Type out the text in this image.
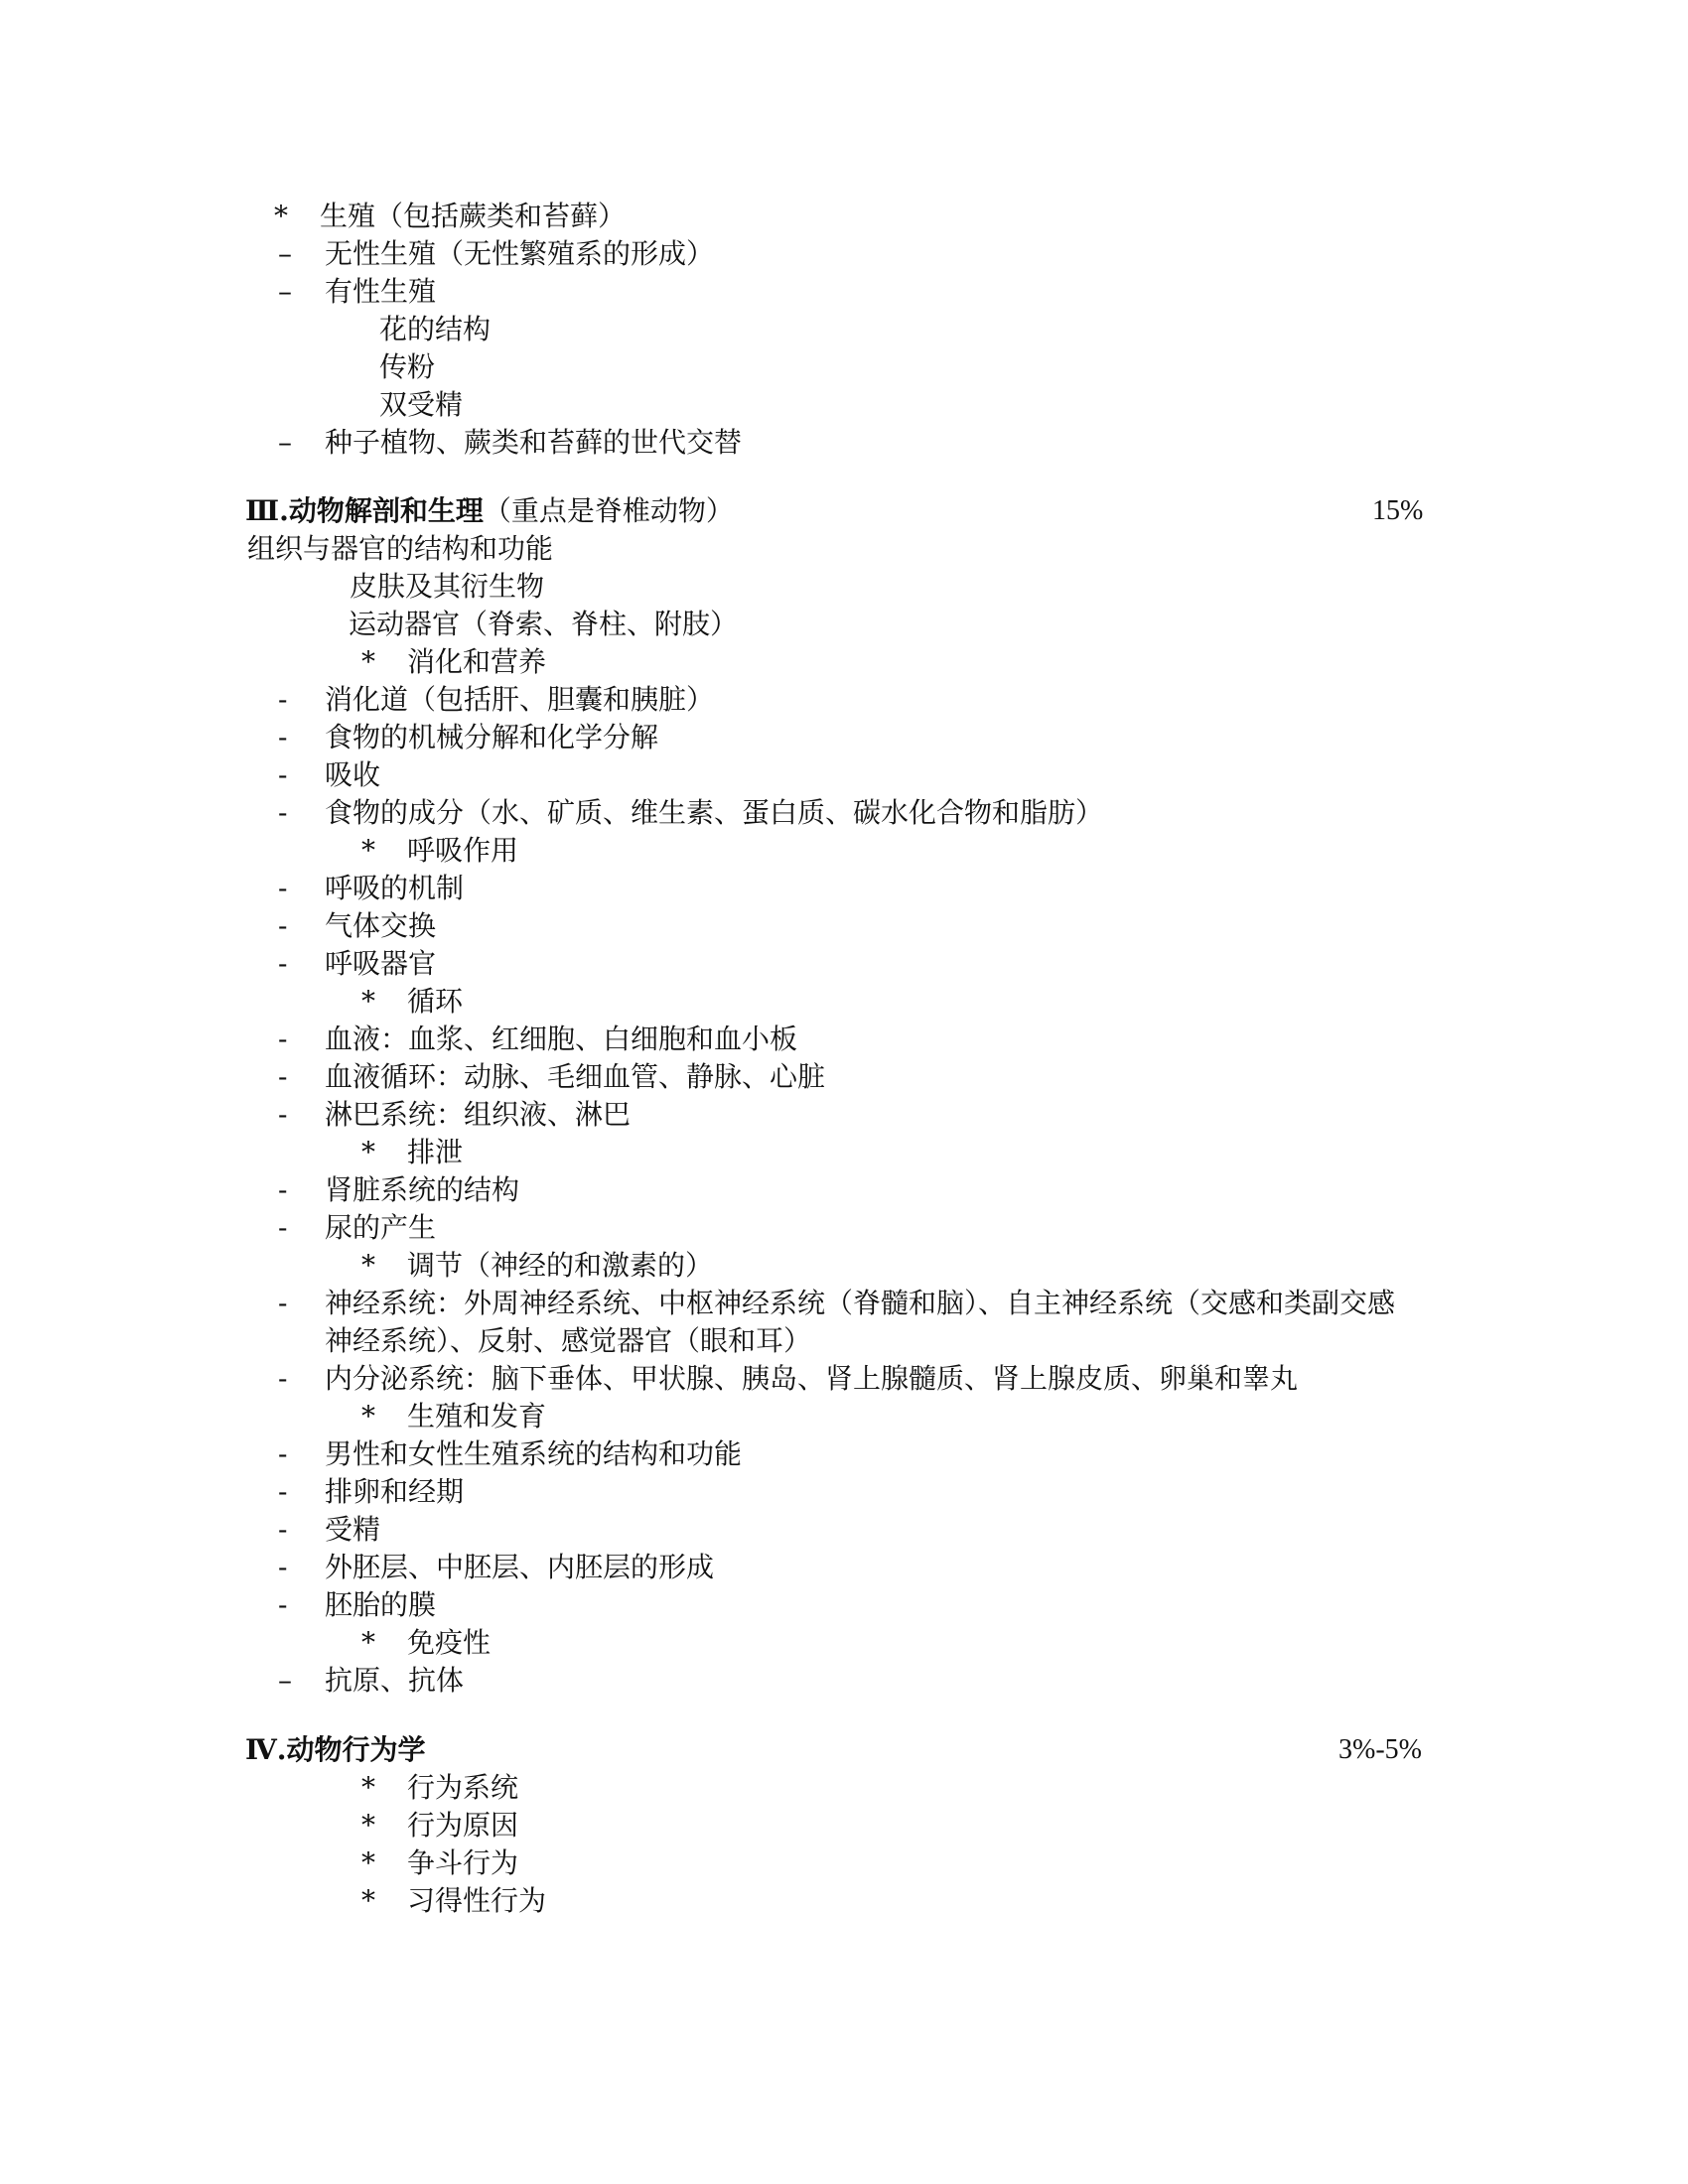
* 生殖（包括蕨类和苔藓）
– 无性生殖（无性繁殖系的形成）
– 有性生殖
花的结构
传粉
双受精
– 种子植物、蕨类和苔藓的世代交替
Ⅲ.动物解剖和生理（重点是脊椎动物）	15%
组织与器官的结构和功能
皮肤及其衍生物
运动器官（脊索、脊柱、附肢）
* 消化和营养
- 消化道（包括肝、胆囊和胰脏）
- 食物的机械分解和化学分解
- 吸收
- 食物的成分（水、矿质、维生素、蛋白质、碳水化合物和脂肪）
* 呼吸作用
- 呼吸的机制
- 气体交换
- 呼吸器官
* 循环
- 血液：血浆、红细胞、白细胞和血小板
- 血液循环：动脉、毛细血管、静脉、心脏
- 淋巴系统：组织液、淋巴
* 排泄
- 肾脏系统的结构
- 尿的产生
* 调节（神经的和激素的）
- 神经系统：外周神经系统、中枢神经系统（脊髓和脑）、自主神经系统（交感和类副交感
神经系统）、反射、感觉器官（眼和耳）
- 内分泌系统：脑下垂体、甲状腺、胰岛、肾上腺髓质、肾上腺皮质、卵巢和睾丸
* 生殖和发育
- 男性和女性生殖系统的结构和功能
- 排卵和经期
- 受精
- 外胚层、中胚层、内胚层的形成
- 胚胎的膜
* 免疫性
– 抗原、抗体
Ⅳ.动物行为学	3%-5%
* 行为系统
* 行为原因
* 争斗行为
* 习得性行为
